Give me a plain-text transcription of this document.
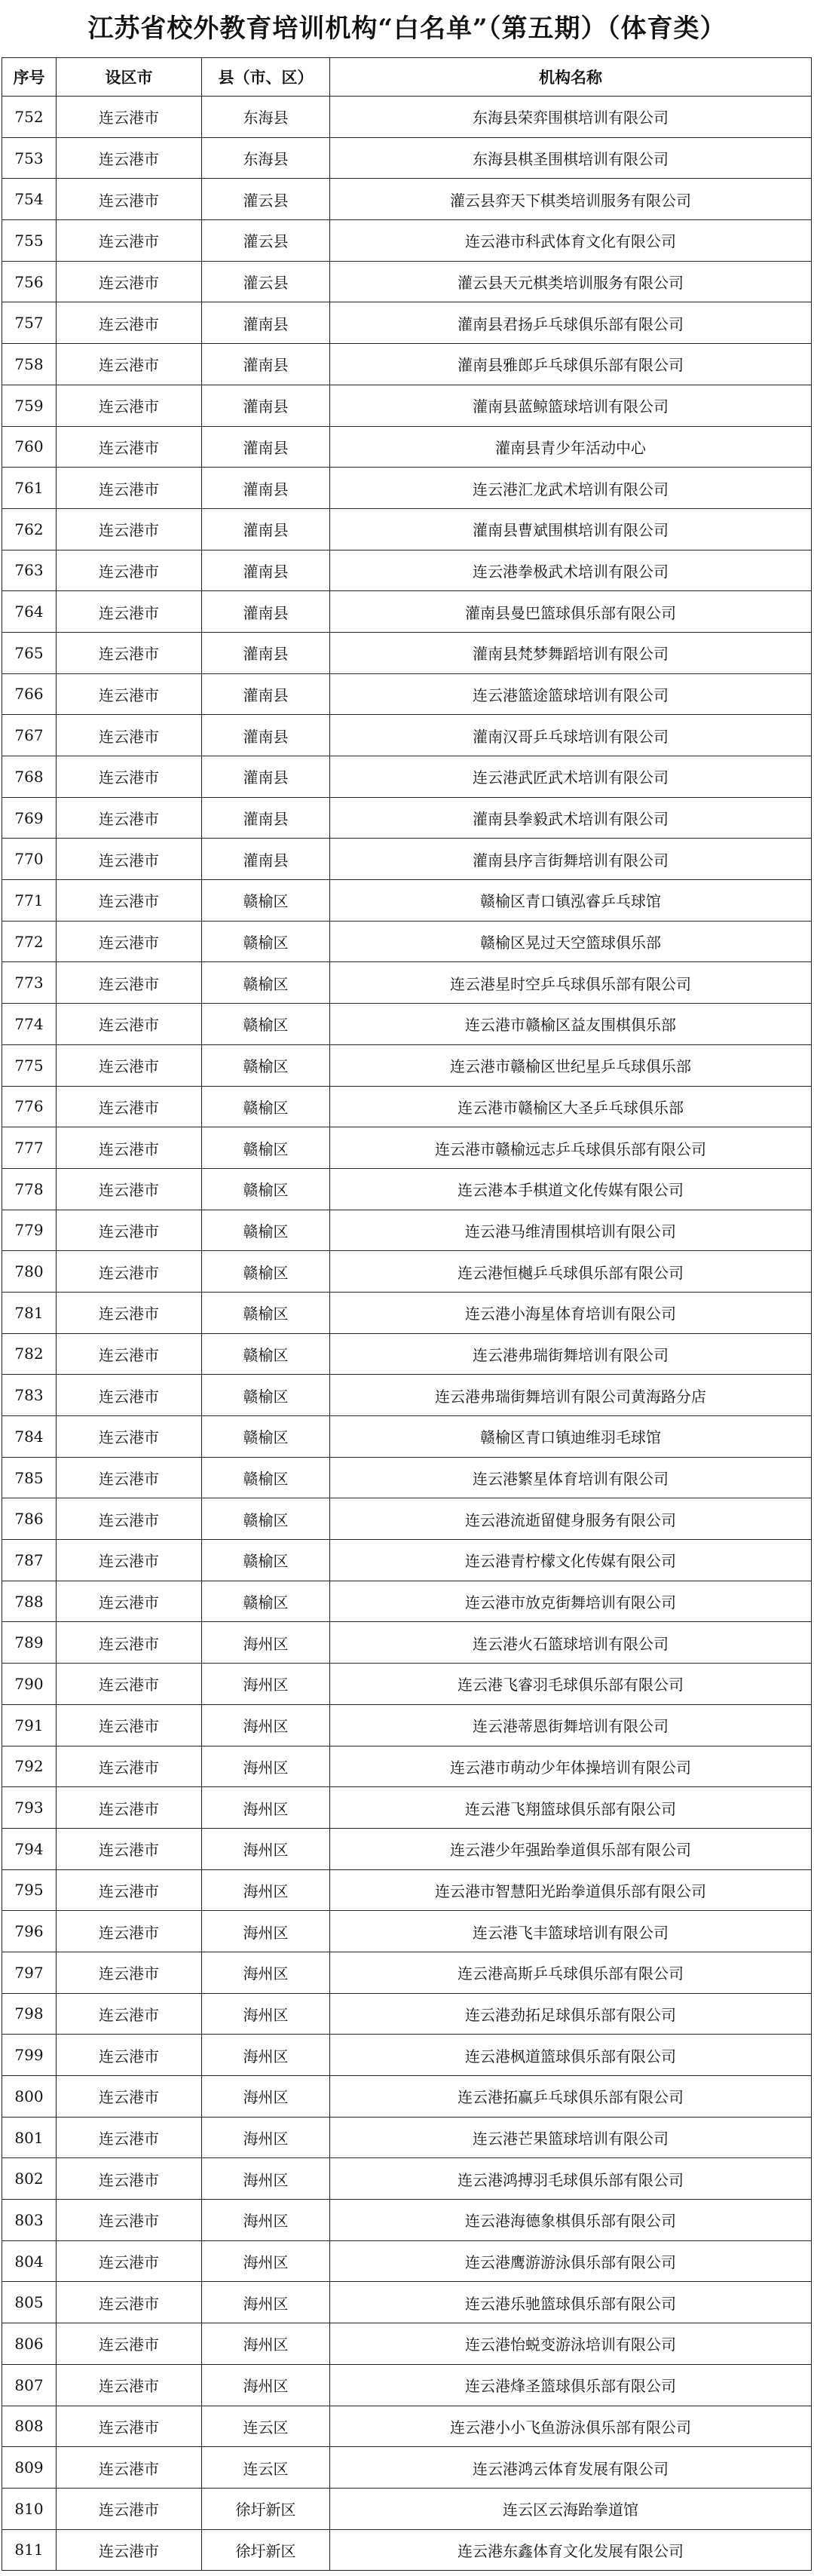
江苏省校外教育培训机构“白名单”（第五期）（体育类）
序号	设区市	县（市、区）	机构名称
752	连云港市	东海县	东海县荣弈围棋培训有限公司
753	连云港市	东海县	东海县棋圣围棋培训有限公司
754	连云港市	灌云县	灌云县弈天下棋类培训服务有限公司
755	连云港市	灌云县	连云港市科武体育文化有限公司
756	连云港市	灌云县	灌云县天元棋类培训服务有限公司
757	连云港市	灌南县	灌南县君扬乒乓球俱乐部有限公司
758	连云港市	灌南县	灌南县雅郎乒乓球俱乐部有限公司
759	连云港市	灌南县	灌南县蓝鲸篮球培训有限公司
760	连云港市	灌南县	灌南县青少年活动中心
761	连云港市	灌南县	连云港汇龙武术培训有限公司
762	连云港市	灌南县	灌南县曹斌围棋培训有限公司
763	连云港市	灌南县	连云港拳极武术培训有限公司
764	连云港市	灌南县	灌南县曼巴篮球俱乐部有限公司
765	连云港市	灌南县	灌南县梵梦舞蹈培训有限公司
766	连云港市	灌南县	连云港篮途篮球培训有限公司
767	连云港市	灌南县	灌南汉哥乒乓球培训有限公司
768	连云港市	灌南县	连云港武匠武术培训有限公司
769	连云港市	灌南县	灌南县拳毅武术培训有限公司
770	连云港市	灌南县	灌南县序言街舞培训有限公司
771	连云港市	赣榆区	赣榆区青口镇泓睿乒乓球馆
772	连云港市	赣榆区	赣榆区晃过天空篮球俱乐部
773	连云港市	赣榆区	连云港星时空乒乓球俱乐部有限公司
774	连云港市	赣榆区	连云港市赣榆区益友围棋俱乐部
775	连云港市	赣榆区	连云港市赣榆区世纪星乒乓球俱乐部
776	连云港市	赣榆区	连云港市赣榆区大圣乒乓球俱乐部
777	连云港市	赣榆区	连云港市赣榆远志乒乓球俱乐部有限公司
778	连云港市	赣榆区	连云港本手棋道文化传媒有限公司
779	连云港市	赣榆区	连云港马维清围棋培训有限公司
780	连云港市	赣榆区	连云港恒樾乒乓球俱乐部有限公司
781	连云港市	赣榆区	连云港小海星体育培训有限公司
782	连云港市	赣榆区	连云港弗瑞街舞培训有限公司
783	连云港市	赣榆区	连云港弗瑞街舞培训有限公司黄海路分店
784	连云港市	赣榆区	赣榆区青口镇迪维羽毛球馆
785	连云港市	赣榆区	连云港繁星体育培训有限公司
786	连云港市	赣榆区	连云港流逝留健身服务有限公司
787	连云港市	赣榆区	连云港青柠檬文化传媒有限公司
788	连云港市	赣榆区	连云港市放克街舞培训有限公司
789	连云港市	海州区	连云港火石篮球培训有限公司
790	连云港市	海州区	连云港飞睿羽毛球俱乐部有限公司
791	连云港市	海州区	连云港蒂恩街舞培训有限公司
792	连云港市	海州区	连云港市萌动少年体操培训有限公司
793	连云港市	海州区	连云港飞翔篮球俱乐部有限公司
794	连云港市	海州区	连云港少年强跆拳道俱乐部有限公司
795	连云港市	海州区	连云港市智慧阳光跆拳道俱乐部有限公司
796	连云港市	海州区	连云港飞丰篮球培训有限公司
797	连云港市	海州区	连云港高斯乒乓球俱乐部有限公司
798	连云港市	海州区	连云港劲拓足球俱乐部有限公司
799	连云港市	海州区	连云港枫道篮球俱乐部有限公司
800	连云港市	海州区	连云港拓赢乒乓球俱乐部有限公司
801	连云港市	海州区	连云港芒果篮球培训有限公司
802	连云港市	海州区	连云港鸿搏羽毛球俱乐部有限公司
803	连云港市	海州区	连云港海德象棋俱乐部有限公司
804	连云港市	海州区	连云港鹰游游泳俱乐部有限公司
805	连云港市	海州区	连云港乐驰篮球俱乐部有限公司
806	连云港市	海州区	连云港怡蜕变游泳培训有限公司
807	连云港市	海州区	连云港烽圣篮球俱乐部有限公司
808	连云港市	连云区	连云港小小飞鱼游泳俱乐部有限公司
809	连云港市	连云区	连云港鸿云体育发展有限公司
810	连云港市	徐圩新区	连云区云海跆拳道馆
811	连云港市	徐圩新区	连云港东鑫体育文化发展有限公司
